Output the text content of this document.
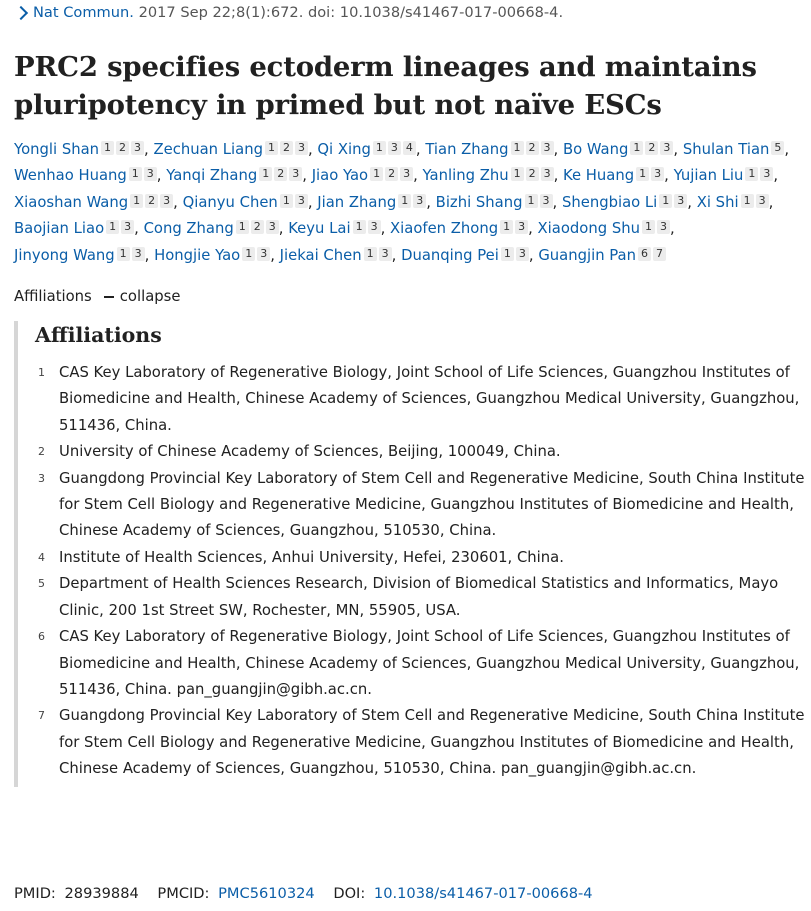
Nat Commun. 2017 Sep 22;8(1):672. doi: 10.1038/s41467-017-00668-4.
PRC2 specifies ectoderm lineages and maintains pluripotency in primed but not naïve ESCs
Yongli Shan 1 2 3 , Zechuan Liang 1 2 3 , Qi Xing 1 3 4 , Tian Zhang 1 2 3 , Bo Wang 1 2 3 , Shulan Tian 5 , Wenhao Huang 1 3 , Yanqi Zhang 1 2 3 , Jiao Yao 1 2 3 , Yanling Zhu 1 2 3 , Ke Huang 1 3 , Yujian Liu 1 3 , Xiaoshan Wang 1 2 3 , Qianyu Chen 1 3 , Jian Zhang 1 3 , Bizhi Shang 1 3 , Shengbiao Li 1 3 , Xi Shi 1 3 , Baojian Liao 1 3 , Cong Zhang 1 2 3 , Keyu Lai 1 3 , Xiaofen Zhong 1 3 , Xiaodong Shu 1 3 , Jinyong Wang 1 3 , Hongjie Yao 1 3 , Jiekai Chen 1 3 , Duanqing Pei 1 3 , Guangjin Pan 6 7
Affiliations collapse
Affiliations
1 CAS Key Laboratory of Regenerative Biology, Joint School of Life Sciences, Guangzhou Institutes of Biomedicine and Health, Chinese Academy of Sciences, Guangzhou Medical University, Guangzhou, 511436, China.
2 University of Chinese Academy of Sciences, Beijing, 100049, China.
3 Guangdong Provincial Key Laboratory of Stem Cell and Regenerative Medicine, South China Institute for Stem Cell Biology and Regenerative Medicine, Guangzhou Institutes of Biomedicine and Health, Chinese Academy of Sciences, Guangzhou, 510530, China.
4 Institute of Health Sciences, Anhui University, Hefei, 230601, China.
5 Department of Health Sciences Research, Division of Biomedical Statistics and Informatics, Mayo Clinic, 200 1st Street SW, Rochester, MN, 55905, USA.
6 CAS Key Laboratory of Regenerative Biology, Joint School of Life Sciences, Guangzhou Institutes of Biomedicine and Health, Chinese Academy of Sciences, Guangzhou Medical University, Guangzhou, 511436, China. pan_guangjin@gibh.ac.cn.
7 Guangdong Provincial Key Laboratory of Stem Cell and Regenerative Medicine, South China Institute for Stem Cell Biology and Regenerative Medicine, Guangzhou Institutes of Biomedicine and Health, Chinese Academy of Sciences, Guangzhou, 510530, China. pan_guangjin@gibh.ac.cn.
PMID: 28939884 PMCID: PMC5610324 DOI: 10.1038/s41467-017-00668-4
